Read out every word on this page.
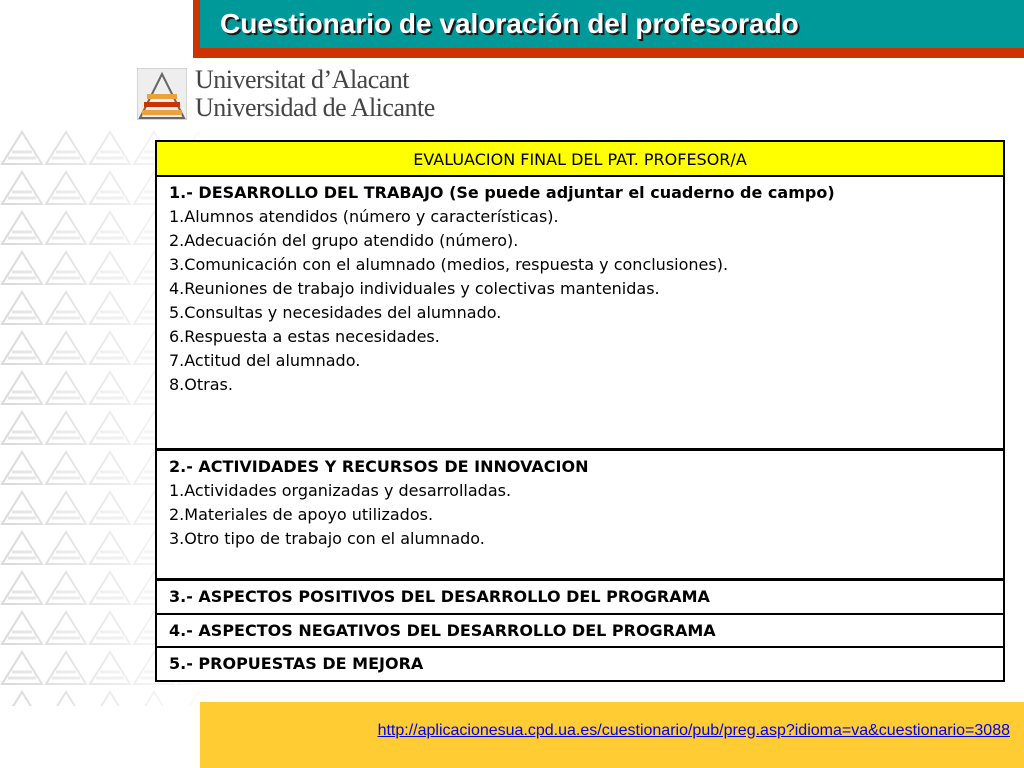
Cuestionario de valoración del profesorado
Universitat d’Alacant
Universidad de Alicante
EVALUACION FINAL DEL PAT. PROFESOR/A
1.- DESARROLLO DEL TRABAJO (Se puede adjuntar el cuaderno de campo)
1.Alumnos atendidos (número y características).
2.Adecuación del grupo atendido (número).
3.Comunicación con el alumnado (medios, respuesta y conclusiones).
4.Reuniones de trabajo individuales y colectivas mantenidas.
5.Consultas y necesidades del alumnado.
6.Respuesta a estas necesidades.
7.Actitud del alumnado.
8.Otras.
2.- ACTIVIDADES Y RECURSOS DE INNOVACION
1.Actividades organizadas y desarrolladas.
2.Materiales de apoyo utilizados.
3.Otro tipo de trabajo con el alumnado.
3.- ASPECTOS POSITIVOS DEL DESARROLLO DEL PROGRAMA
4.- ASPECTOS NEGATIVOS DEL DESARROLLO DEL PROGRAMA
5.- PROPUESTAS DE MEJORA
http://aplicacionesua.cpd.ua.es/cuestionario/pub/preg.asp?idioma=va&cuestionario=3088
